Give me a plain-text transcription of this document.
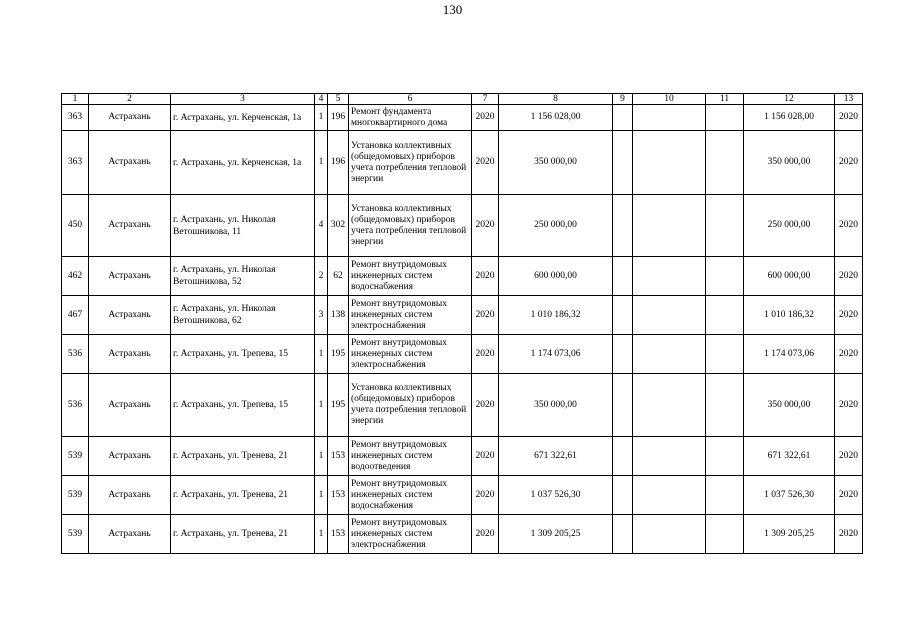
130
1	2	3	4	5	6	7	8	9	10	11	12	13
363	Астрахань	г. Астрахань, ул. Керченская, 1а	1	196	Ремонт фундамента многоквартирного дома	2020	1 156 028,00				1 156 028,00	2020
363	Астрахань	г. Астрахань, ул. Керченская, 1а	1	196	Установка коллективных (общедомовых) приборов учета потребления тепловой энергии	2020	350 000,00				350 000,00	2020
450	Астрахань	г. Астрахань, ул. Николая Ветошникова, 11	4	302	Установка коллективных (общедомовых) приборов учета потребления тепловой энергии	2020	250 000,00				250 000,00	2020
462	Астрахань	г. Астрахань, ул. Николая Ветошникова, 52	2	62	Ремонт внутридомовых инженерных систем водоснабжения	2020	600 000,00				600 000,00	2020
467	Астрахань	г. Астрахань, ул. Николая Ветошникова, 62	3	138	Ремонт внутридомовых инженерных систем электроснабжения	2020	1 010 186,32				1 010 186,32	2020
536	Астрахань	г. Астрахань, ул. Трепева, 15	1	195	Ремонт внутридомовых инженерных систем электроснабжения	2020	1 174 073,06				1 174 073,06	2020
536	Астрахань	г. Астрахань, ул. Трепева, 15	1	195	Установка коллективных (общедомовых) приборов учета потребления тепловой энергии	2020	350 000,00				350 000,00	2020
539	Астрахань	г. Астрахань, ул. Тренева, 21	1	153	Ремонт внутридомовых инженерных систем водоотведения	2020	671 322,61				671 322,61	2020
539	Астрахань	г. Астрахань, ул. Тренева, 21	1	153	Ремонт внутридомовых инженерных систем водоснабжения	2020	1 037 526,30				1 037 526,30	2020
539	Астрахань	г. Астрахань, ул. Тренева, 21	1	153	Ремонт внутридомовых инженерных систем электроснабжения	2020	1 309 205,25				1 309 205,25	2020
